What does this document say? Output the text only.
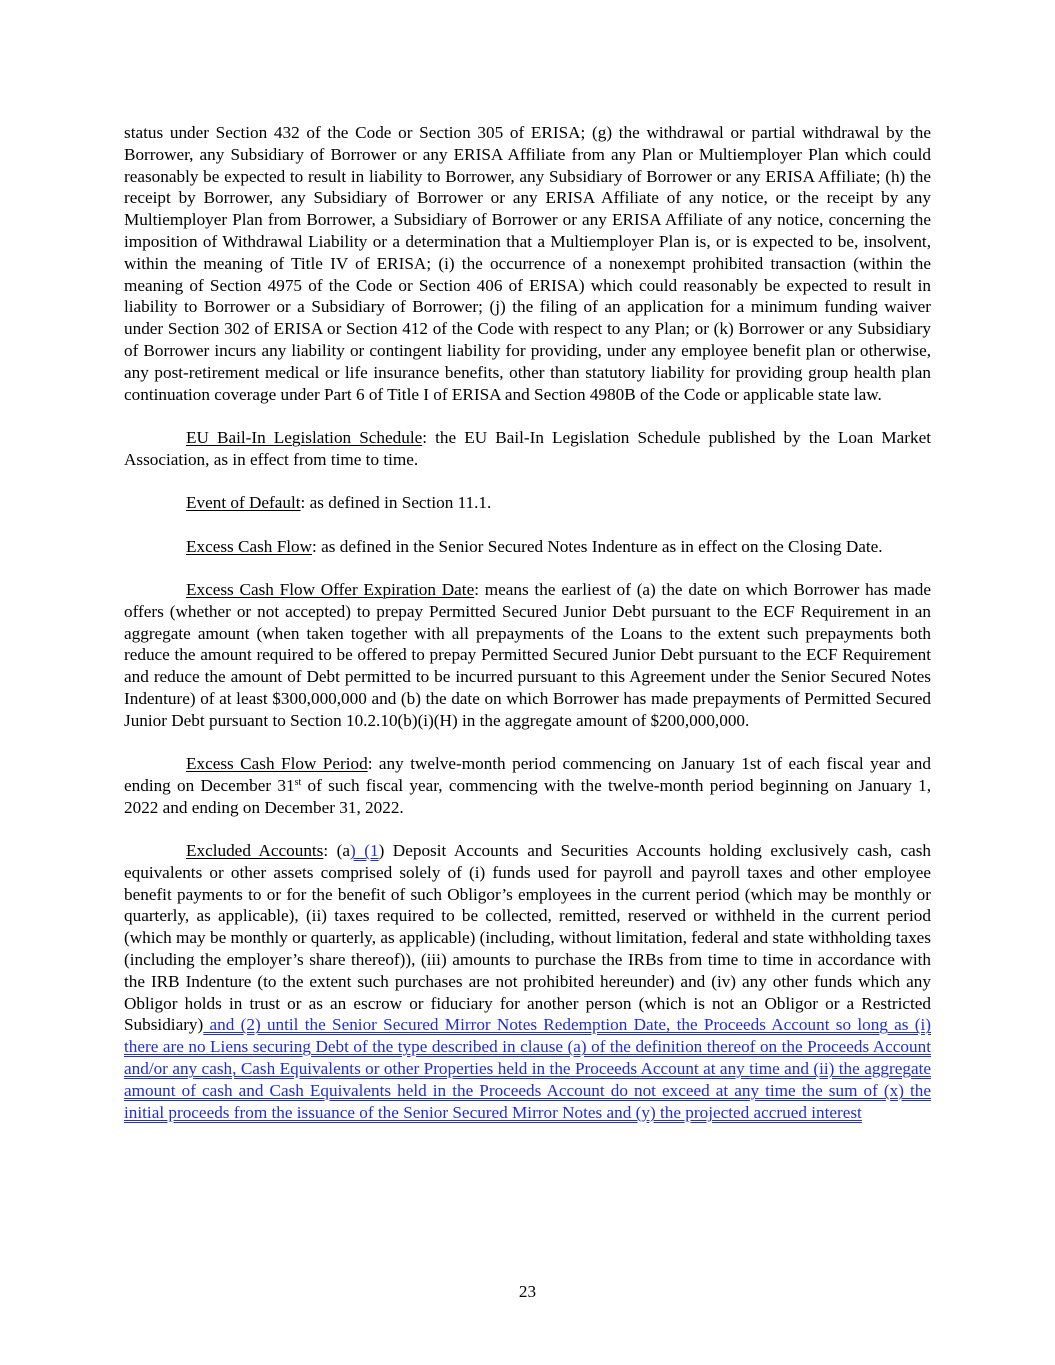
status under Section 432 of the Code or Section 305 of ERISA; (g) the withdrawal or partial withdrawal by the Borrower, any Subsidiary of Borrower or any ERISA Affiliate from any Plan or Multiemployer Plan which could reasonably be expected to result in liability to Borrower, any Subsidiary of Borrower or any ERISA Affiliate; (h) the receipt by Borrower, any Subsidiary of Borrower or any ERISA Affiliate of any notice, or the receipt by any Multiemployer Plan from Borrower, a Subsidiary of Borrower or any ERISA Affiliate of any notice, concerning the imposition of Withdrawal Liability or a determination that a Multiemployer Plan is, or is expected to be, insolvent, within the meaning of Title IV of ERISA; (i) the occurrence of a nonexempt prohibited transaction (within the meaning of Section 4975 of the Code or Section 406 of ERISA) which could reasonably be expected to result in liability to Borrower or a Subsidiary of Borrower; (j) the filing of an application for a minimum funding waiver under Section 302 of ERISA or Section 412 of the Code with respect to any Plan; or (k) Borrower or any Subsidiary of Borrower incurs any liability or contingent liability for providing, under any employee benefit plan or otherwise, any post-retirement medical or life insurance benefits, other than statutory liability for providing group health plan continuation coverage under Part 6 of Title I of ERISA and Section 4980B of the Code or applicable state law.

EU Bail-In Legislation Schedule: the EU Bail-In Legislation Schedule published by the Loan Market Association, as in effect from time to time.

Event of Default: as defined in Section 11.1.

Excess Cash Flow: as defined in the Senior Secured Notes Indenture as in effect on the Closing Date.

Excess Cash Flow Offer Expiration Date: means the earliest of (a) the date on which Borrower has made offers (whether or not accepted) to prepay Permitted Secured Junior Debt pursuant to the ECF Requirement in an aggregate amount (when taken together with all prepayments of the Loans to the extent such prepayments both reduce the amount required to be offered to prepay Permitted Secured Junior Debt pursuant to the ECF Requirement and reduce the amount of Debt permitted to be incurred pursuant to this Agreement under the Senior Secured Notes Indenture) of at least $300,000,000 and (b) the date on which Borrower has made prepayments of Permitted Secured Junior Debt pursuant to Section 10.2.10(b)(i)(H) in the aggregate amount of $200,000,000.

Excess Cash Flow Period: any twelve-month period commencing on January 1st of each fiscal year and ending on December 31st of such fiscal year, commencing with the twelve-month period beginning on January 1, 2022 and ending on December 31, 2022.

Excluded Accounts: (a) (1) Deposit Accounts and Securities Accounts holding exclusively cash, cash equivalents or other assets comprised solely of (i) funds used for payroll and payroll taxes and other employee benefit payments to or for the benefit of such Obligor’s employees in the current period (which may be monthly or quarterly, as applicable), (ii) taxes required to be collected, remitted, reserved or withheld in the current period (which may be monthly or quarterly, as applicable) (including, without limitation, federal and state withholding taxes (including the employer’s share thereof)), (iii) amounts to purchase the IRBs from time to time in accordance with the IRB Indenture (to the extent such purchases are not prohibited hereunder) and (iv) any other funds which any Obligor holds in trust or as an escrow or fiduciary for another person (which is not an Obligor or a Restricted Subsidiary) and (2) until the Senior Secured Mirror Notes Redemption Date, the Proceeds Account so long as (i) there are no Liens securing Debt of the type described in clause (a) of the definition thereof on the Proceeds Account and/or any cash, Cash Equivalents or other Properties held in the Proceeds Account at any time and (ii) the aggregate amount of cash and Cash Equivalents held in the Proceeds Account do not exceed at any time the sum of (x) the initial proceeds from the issuance of the Senior Secured Mirror Notes and (y) the projected accrued interest

23
